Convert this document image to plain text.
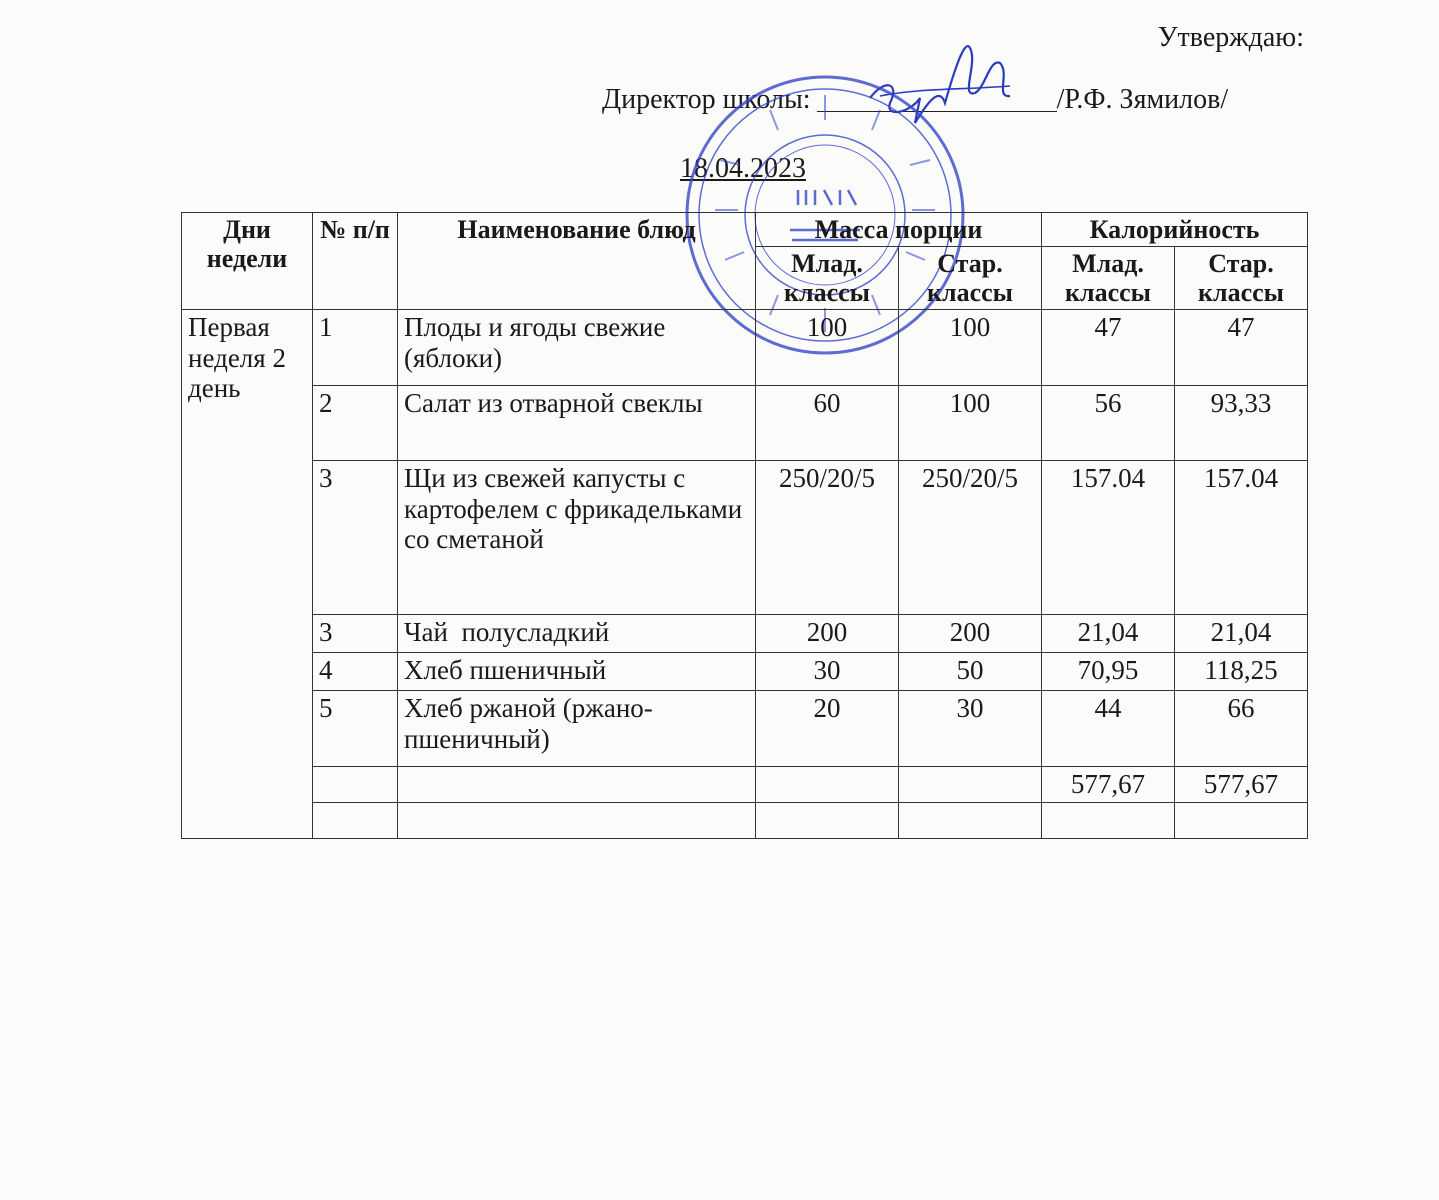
Утверждаю:
Директор школы:	/Р.Ф. Зямилов/
18.04.2023
Дни недели	№ п/п	Наименование блюд	Масса порции		Калорийность	
			Млад. классы	Стар. классы	Млад. классы	Стар. классы
Первая неделя 2 день	1	Плоды и ягоды свежие (яблоки)	100	100	47	47
	2	Салат из отварной свеклы	60	100	56	93,33
	3	Щи из свежей капусты с картофелем с фрикадельками со сметаной	250/20/5	250/20/5	157.04	157.04
	3	Чай  полусладкий	200	200	21,04	21,04
	4	Хлеб пшеничный	30	50	70,95	118,25
	5	Хлеб ржаной (ржано-пшеничный)	20	30	44	66
					577,67	577,67
